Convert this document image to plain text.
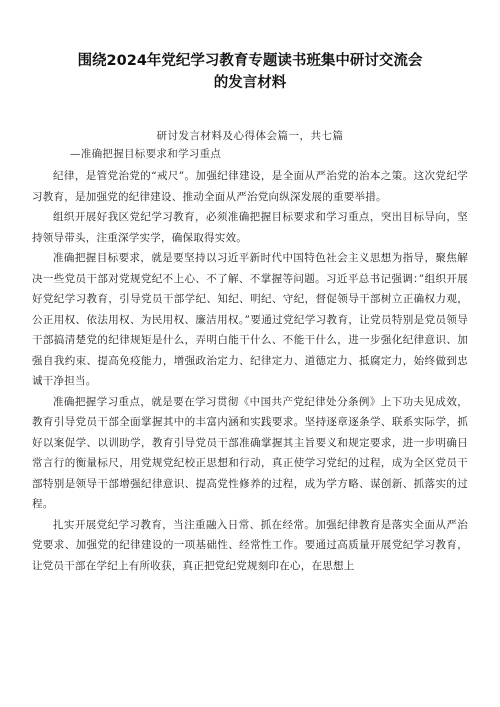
围绕2024年党纪学习教育专题读书班集中研讨交流会
的发言材料
研讨发言材料及心得体会篇一，共七篇
—准确把握目标要求和学习重点

纪律，是管党治党的“戒尺”。加强纪律建设，是全面从严治党的治本之策。这次党纪学习教育，是加强党的纪律建设、推动全面从严治党向纵深发展的重要举措。

组织开展好我区党纪学习教育，必须准确把握目标要求和学习重点，突出目标导向，坚持领导带头，注重深学实学，确保取得实效。

准确把握目标要求，就是要坚持以习近平新时代中国特色社会主义思想为指导，聚焦解决一些党员干部对党规党纪不上心、不了解、不掌握等问题。习近平总书记强调：”组织开展好党纪学习教育，引导党员干部学纪、知纪、明纪、守纪，督促领导干部树立正确权力观，公正用权、依法用权、为民用权、廉洁用权。”要通过党纪学习教育，让党员特别是党员领导干部搞清楚党的纪律规矩是什么，弄明白能干什么、不能干什么，进一步强化纪律意识、加强自我约束、提高免疫能力，增强政治定力、纪律定力、道德定力、抵腐定力，始终做到忠诚干净担当。

准确把握学习重点，就是要在学习贯彻《中国共产党纪律处分条例》上下功夫见成效，教育引导党员干部全面掌握其中的丰富内涵和实践要求。坚持逐章逐条学、联系实际学，抓好以案促学、以训助学，教育引导党员干部准确掌握其主旨要义和规定要求，进一步明确日常言行的衡量标尺，用党规党纪校正思想和行动，真正使学习党纪的过程，成为全区党员干部特别是领导干部增强纪律意识、提高党性修养的过程，成为学方略、谋创新、抓落实的过程。

扎实开展党纪学习教育，当注重融入日常、抓在经常。加强纪律教育是落实全面从严治党要求、加强党的纪律建设的一项基础性、经常性工作。要通过高质量开展党纪学习教育，让党员干部在学纪上有所收获，真正把党纪党规刻印在心，在思想上
